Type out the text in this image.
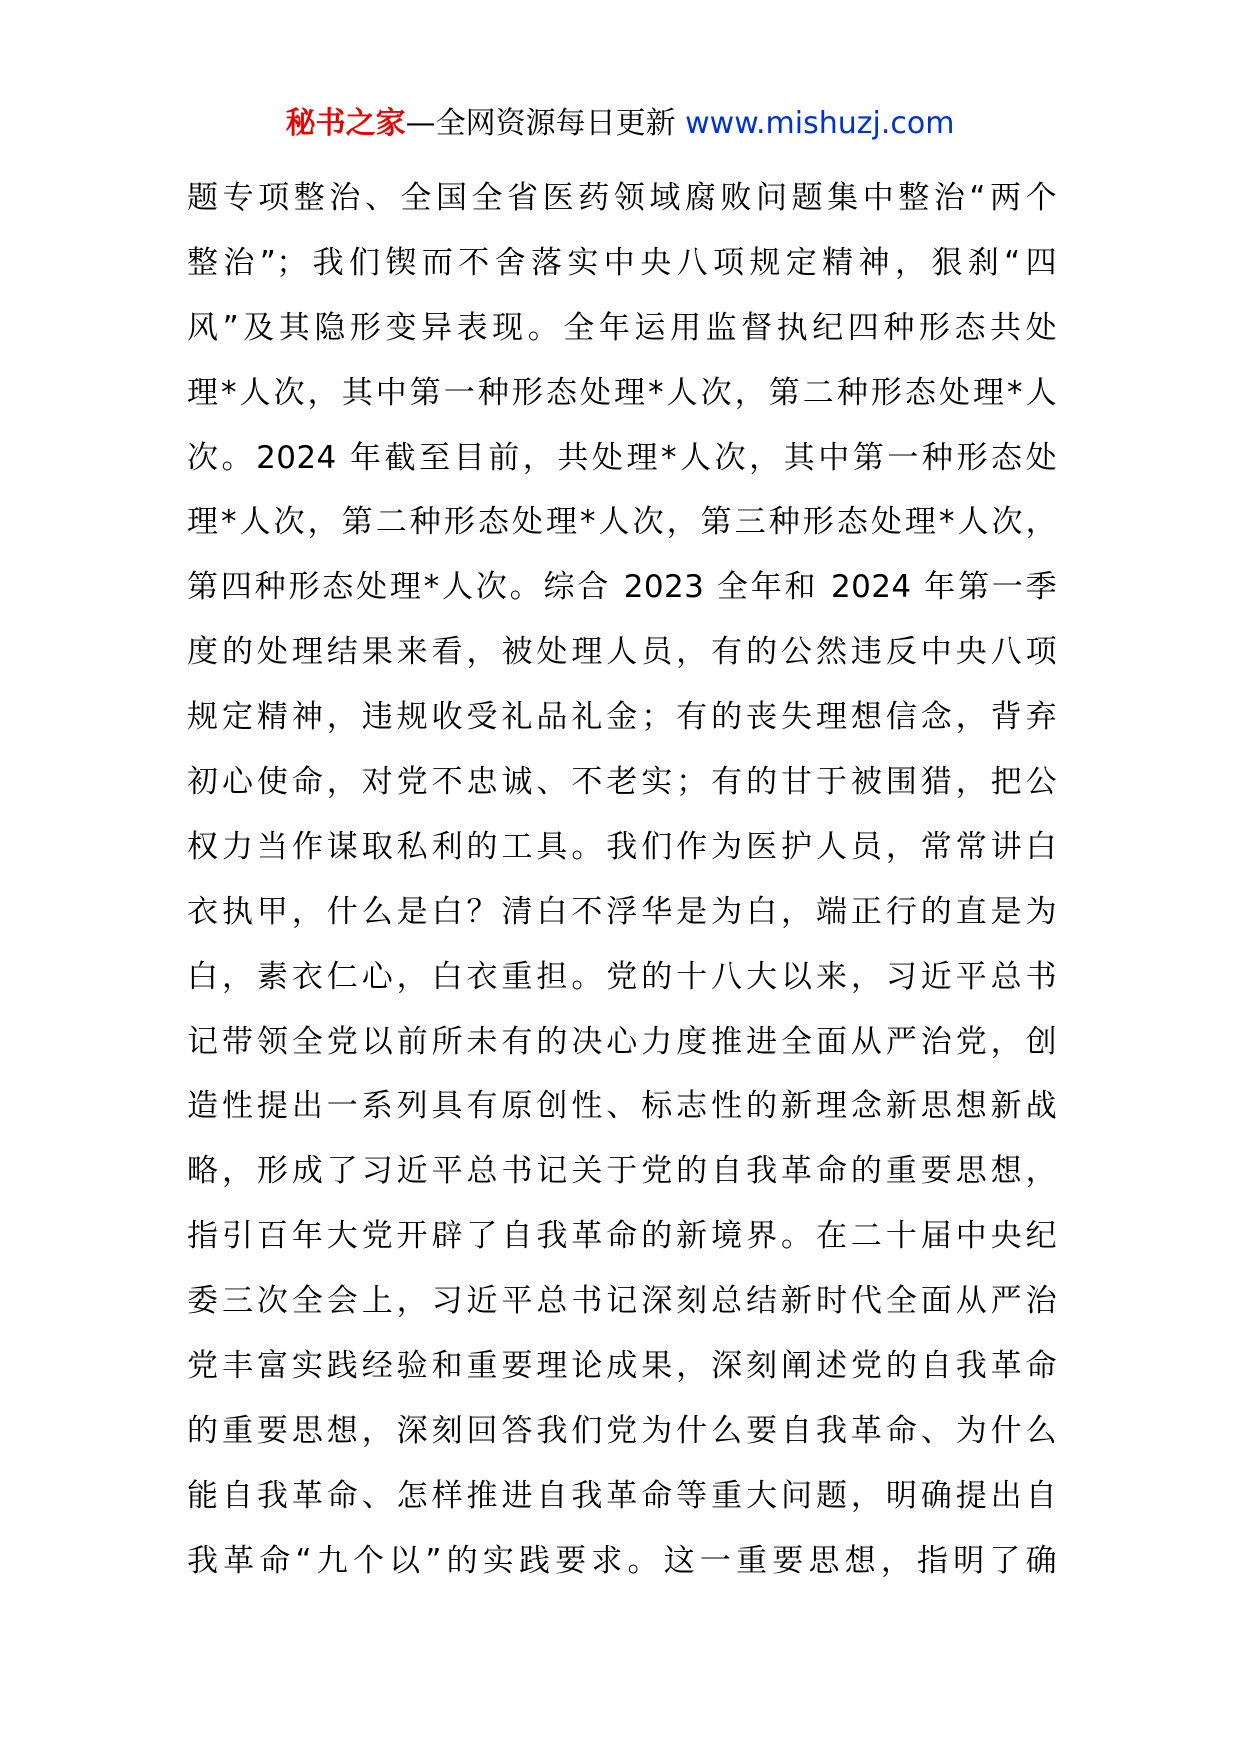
秘书之家—全网资源每日更新 www.mishuzj.com
题专项整治、全国全省医药领域腐败问题集中整治“两个
整治”；我们锲而不舍落实中央八项规定精神，狠刹“四
风”及其隐形变异表现。全年运用监督执纪四种形态共处
理*人次，其中第一种形态处理*人次，第二种形态处理*人
次。2024 年截至目前，共处理*人次，其中第一种形态处
理*人次，第二种形态处理*人次，第三种形态处理*人次，
第四种形态处理*人次。综合 2023 全年和 2024 年第一季
度的处理结果来看，被处理人员，有的公然违反中央八项
规定精神，违规收受礼品礼金；有的丧失理想信念，背弃
初心使命，对党不忠诚、不老实；有的甘于被围猎，把公
权力当作谋取私利的工具。我们作为医护人员，常常讲白
衣执甲，什么是白？清白不浮华是为白，端正行的直是为
白，素衣仁心，白衣重担。党的十八大以来，习近平总书
记带领全党以前所未有的决心力度推进全面从严治党，创
造性提出一系列具有原创性、标志性的新理念新思想新战
略，形成了习近平总书记关于党的自我革命的重要思想，
指引百年大党开辟了自我革命的新境界。在二十届中央纪
委三次全会上，习近平总书记深刻总结新时代全面从严治
党丰富实践经验和重要理论成果，深刻阐述党的自我革命
的重要思想，深刻回答我们党为什么要自我革命、为什么
能自我革命、怎样推进自我革命等重大问题，明确提出自
我革命“九个以”的实践要求。这一重要思想，指明了确
